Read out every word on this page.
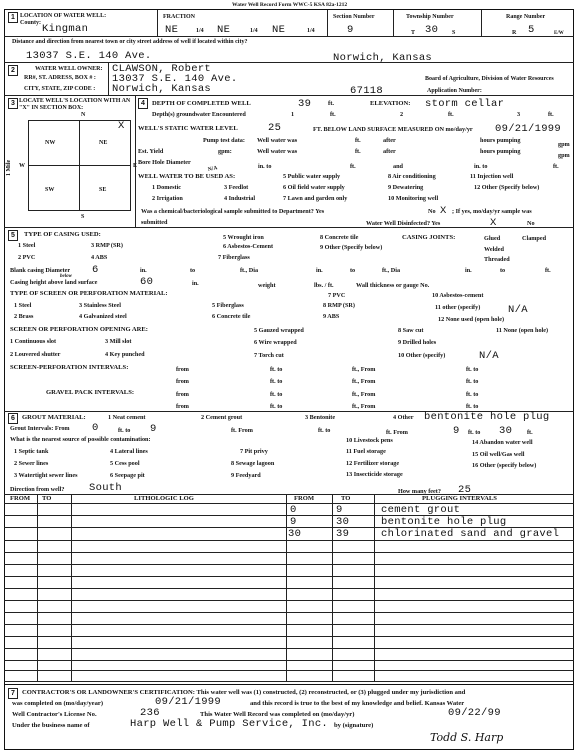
Water Well Record Form WWC-5 KSA 82a-1212
1 LOCATION OF WATER WELL:
County: Kingman
FRACTION
NE	1/4 NE	1/4 NE	1/4
Section Number
9
Township Number
T 30 S
Range Number
R 5	E/W
Distance and direction from nearest town or city street address of well if located within city?
13037 S.E. 140 Ave.	Norwich, Kansas
2	WATER WELL OWNER: CLAWSON, Robert
RR#, ST. ADRESS, BOX # : 13037 S.E. 140 Ave.	Board of Agriculture, Division of Water Resources
CITY, STATE, ZIP CODE : Norwich, Kansas	67118	Application Number:
3 LOCATE WELL'S LOCATION WITH AN "X" IN SECTION BOX:
N
X
NW	NE
SW	SE
W	E
S
1 Mile
4	DEPTH OF COMPLETED WELL	39	ft.	ELEVATION: storm cellar
Depth(s) groundwater Encountered	1	ft.	2	ft.	3	ft.
WELL'S STATIC WATER LEVEL	25	FT. BELOW LAND SURFACE MEASURED ON mo/day/yr 09/21/1999
Pump test data: Well water was	ft.	after	hours pumping
gpm
Est. Yield	gpm:	Well water was	ft.	after	hours pumping
gpm
Bore Hole Diameter
in. to	ft.	and	in. to	ft.
WELL WATER TO BE USED AS:
N/A
5 Public water supply	8 Air conditioning	11 Injection well
1 Domestic	3 Feedlot	6 Oil field water supply	9 Dewatering	12 Other (Specify below)
2 Irrigation	4 Industrial	7 Lawn and garden only	10 Monitoring well
Was a chemical/bacteriological sample submitted to Department? Yes	No X ; If yes, mo/day/yr sample was
submitted	Water Well Disinfected? Yes	X	No
5	TYPE OF CASING USED:	5 Wrought iron	8 Concrete tile	CASING JOINTS:	Glued	Clamped
1 Steel	3 RMP (SR)	6 Asbestos-Cement	9 Other (Specify below)	Welded
2 PVC	4 ABS	7 Fiberglass	Threaded
Blank casing Diameter 6	in.	to	ft., Dia	in.	to	ft., Dia	in.	to	ft.
Casing height above land surface
below	60	in.	weight	lbs. / ft.	Wall thickness or gauge No.
TYPE OF SCREEN OR PERFORATION MATERIAL:	7 PVC	10 Asbestos-cement
1 Steel	3 Stainless Steel	5 Fiberglass	8 RMP (SR)	11 other (specify)	N/A
2 Brass	4 Galvanized steel	6 Concrete tile	9 ABS	12 None used (open hole)
SCREEN OR PERFORATION OPENING ARE:	5 Gauzed wrapped	8 Saw cut	11 None (open hole)
1 Continuous slot	3 Mill slot	6 Wire wrapped	9 Drilled holes
2 Louvered shutter	4 Key punched	7 Torch cut	10 Other (specify)	N/A
SCREEN-PERFORATION INTERVALS:	from	ft. to	ft., From	ft. to
from	ft. to	ft., From	ft. to
GRAVEL PACK INTERVALS:	from	ft. to	ft., From	ft. to
from	ft. to	ft., From	ft. to
6	GROUT MATERIAL:	1 Neat cement	2 Cement grout	3 Bentonite	4 Other bentonite hole plug
Grout Intervals: From 0	ft. to 9	ft. From	ft. to	ft. From	9 ft. to 30 ft.
What is the nearest source of possible contamination:	10 Livestock pens	14 Abandon water well
1 Septic tank	4 Lateral lines	7 Pit privy	11 Fuel storage	15 Oil well/Gas well
2 Sewer lines	5 Cess pool	8 Sewage lagoon	12 Fertilizer storage	16 Other (specify below)
3 Watertight sewer lines	6 Seepage pit	9 Feedyard	13 Insecticide storage
Direction from well? South	How many feet? 25
FROM TO	LITHOLOGIC LOG	FROM	TO	PLUGGING INTERVALS
0	9	cement grout
9	30	bentonite hole plug
30	39	chlorinated sand and gravel
7	CONTRACTOR'S OR LANDOWNER'S CERTIFICATION: This water well was (1) constructed, (2) reconstructed, or (3) plugged under my jurisdiction and
was completed on (mo/day/year)	09/21/1999	and this record is true to the best of my knowledge and belief. Kansas Water
Well Contractor's License No.	236	This Water Well Record was completed on (mo/day/yr)	09/22/99
Under the business name of	Harp Well & Pump Service, Inc. by (signature)
Todd S. Harp
